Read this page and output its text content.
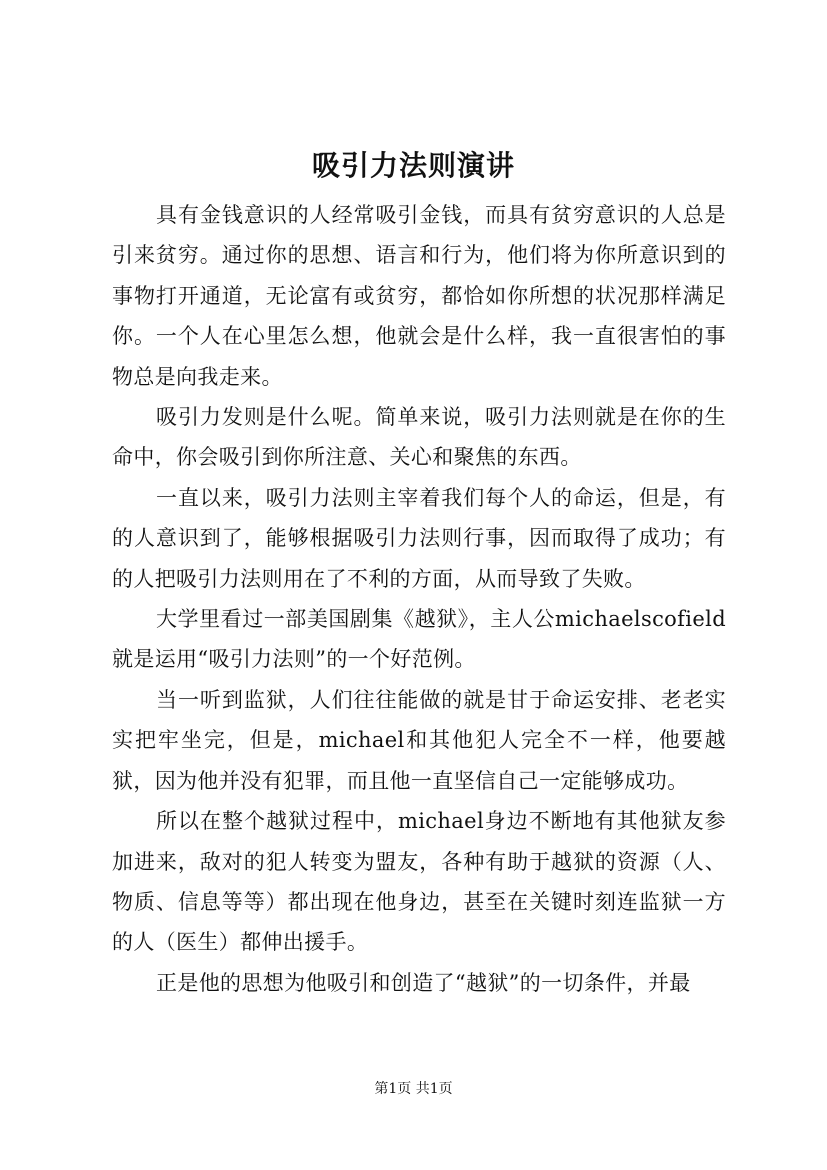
吸引力法则演讲

具有金钱意识的人经常吸引金钱，而具有贫穷意识的人总是引来贫穷。通过你的思想、语言和行为，他们将为你所意识到的事物打开通道，无论富有或贫穷，都恰如你所想的状况那样满足你。一个人在心里怎么想，他就会是什么样，我一直很害怕的事物总是向我走来。

吸引力发则是什么呢。简单来说，吸引力法则就是在你的生命中，你会吸引到你所注意、关心和聚焦的东西。

一直以来，吸引力法则主宰着我们每个人的命运，但是，有的人意识到了，能够根据吸引力法则行事，因而取得了成功；有的人把吸引力法则用在了不利的方面，从而导致了失败。

大学里看过一部美国剧集《越狱》，主人公michaelscofield就是运用“吸引力法则”的一个好范例。

当一听到监狱，人们往往能做的就是甘于命运安排、老老实实把牢坐完，但是，michael和其他犯人完全不一样，他要越狱，因为他并没有犯罪，而且他一直坚信自己一定能够成功。

所以在整个越狱过程中，michael身边不断地有其他狱友参加进来，敌对的犯人转变为盟友，各种有助于越狱的资源（人、物质、信息等等）都出现在他身边，甚至在关键时刻连监狱一方的人（医生）都伸出援手。

正是他的思想为他吸引和创造了“越狱”的一切条件，并最

第1页 共1页
